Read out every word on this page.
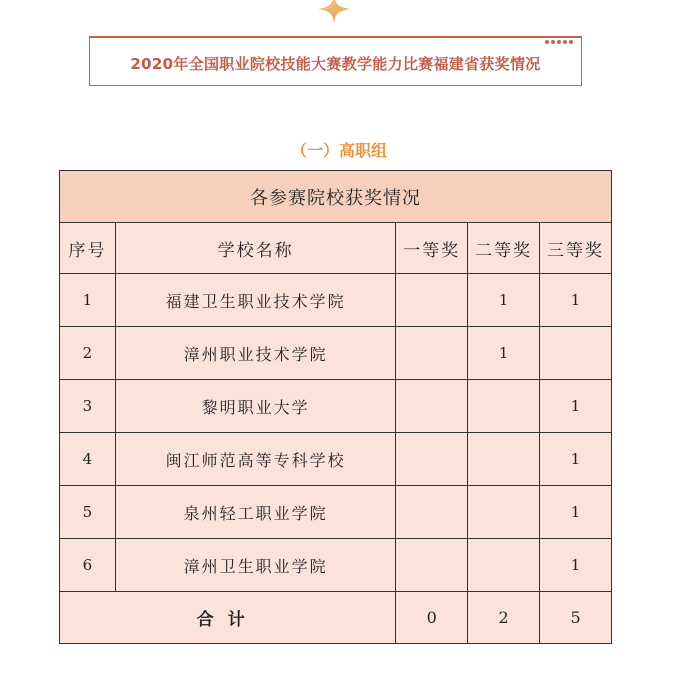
2020年全国职业院校技能大赛教学能力比赛福建省获奖情况
（一）高职组
各参赛院校获奖情况				
序号	学校名称	一等奖	二等奖	三等奖
1	福建卫生职业技术学院		1	1
2	漳州职业技术学院		1	
3	黎明职业大学			1
4	闽江师范高等专科学校			1
5	泉州轻工职业学院			1
6	漳州卫生职业学院			1
合计		0	2	5
